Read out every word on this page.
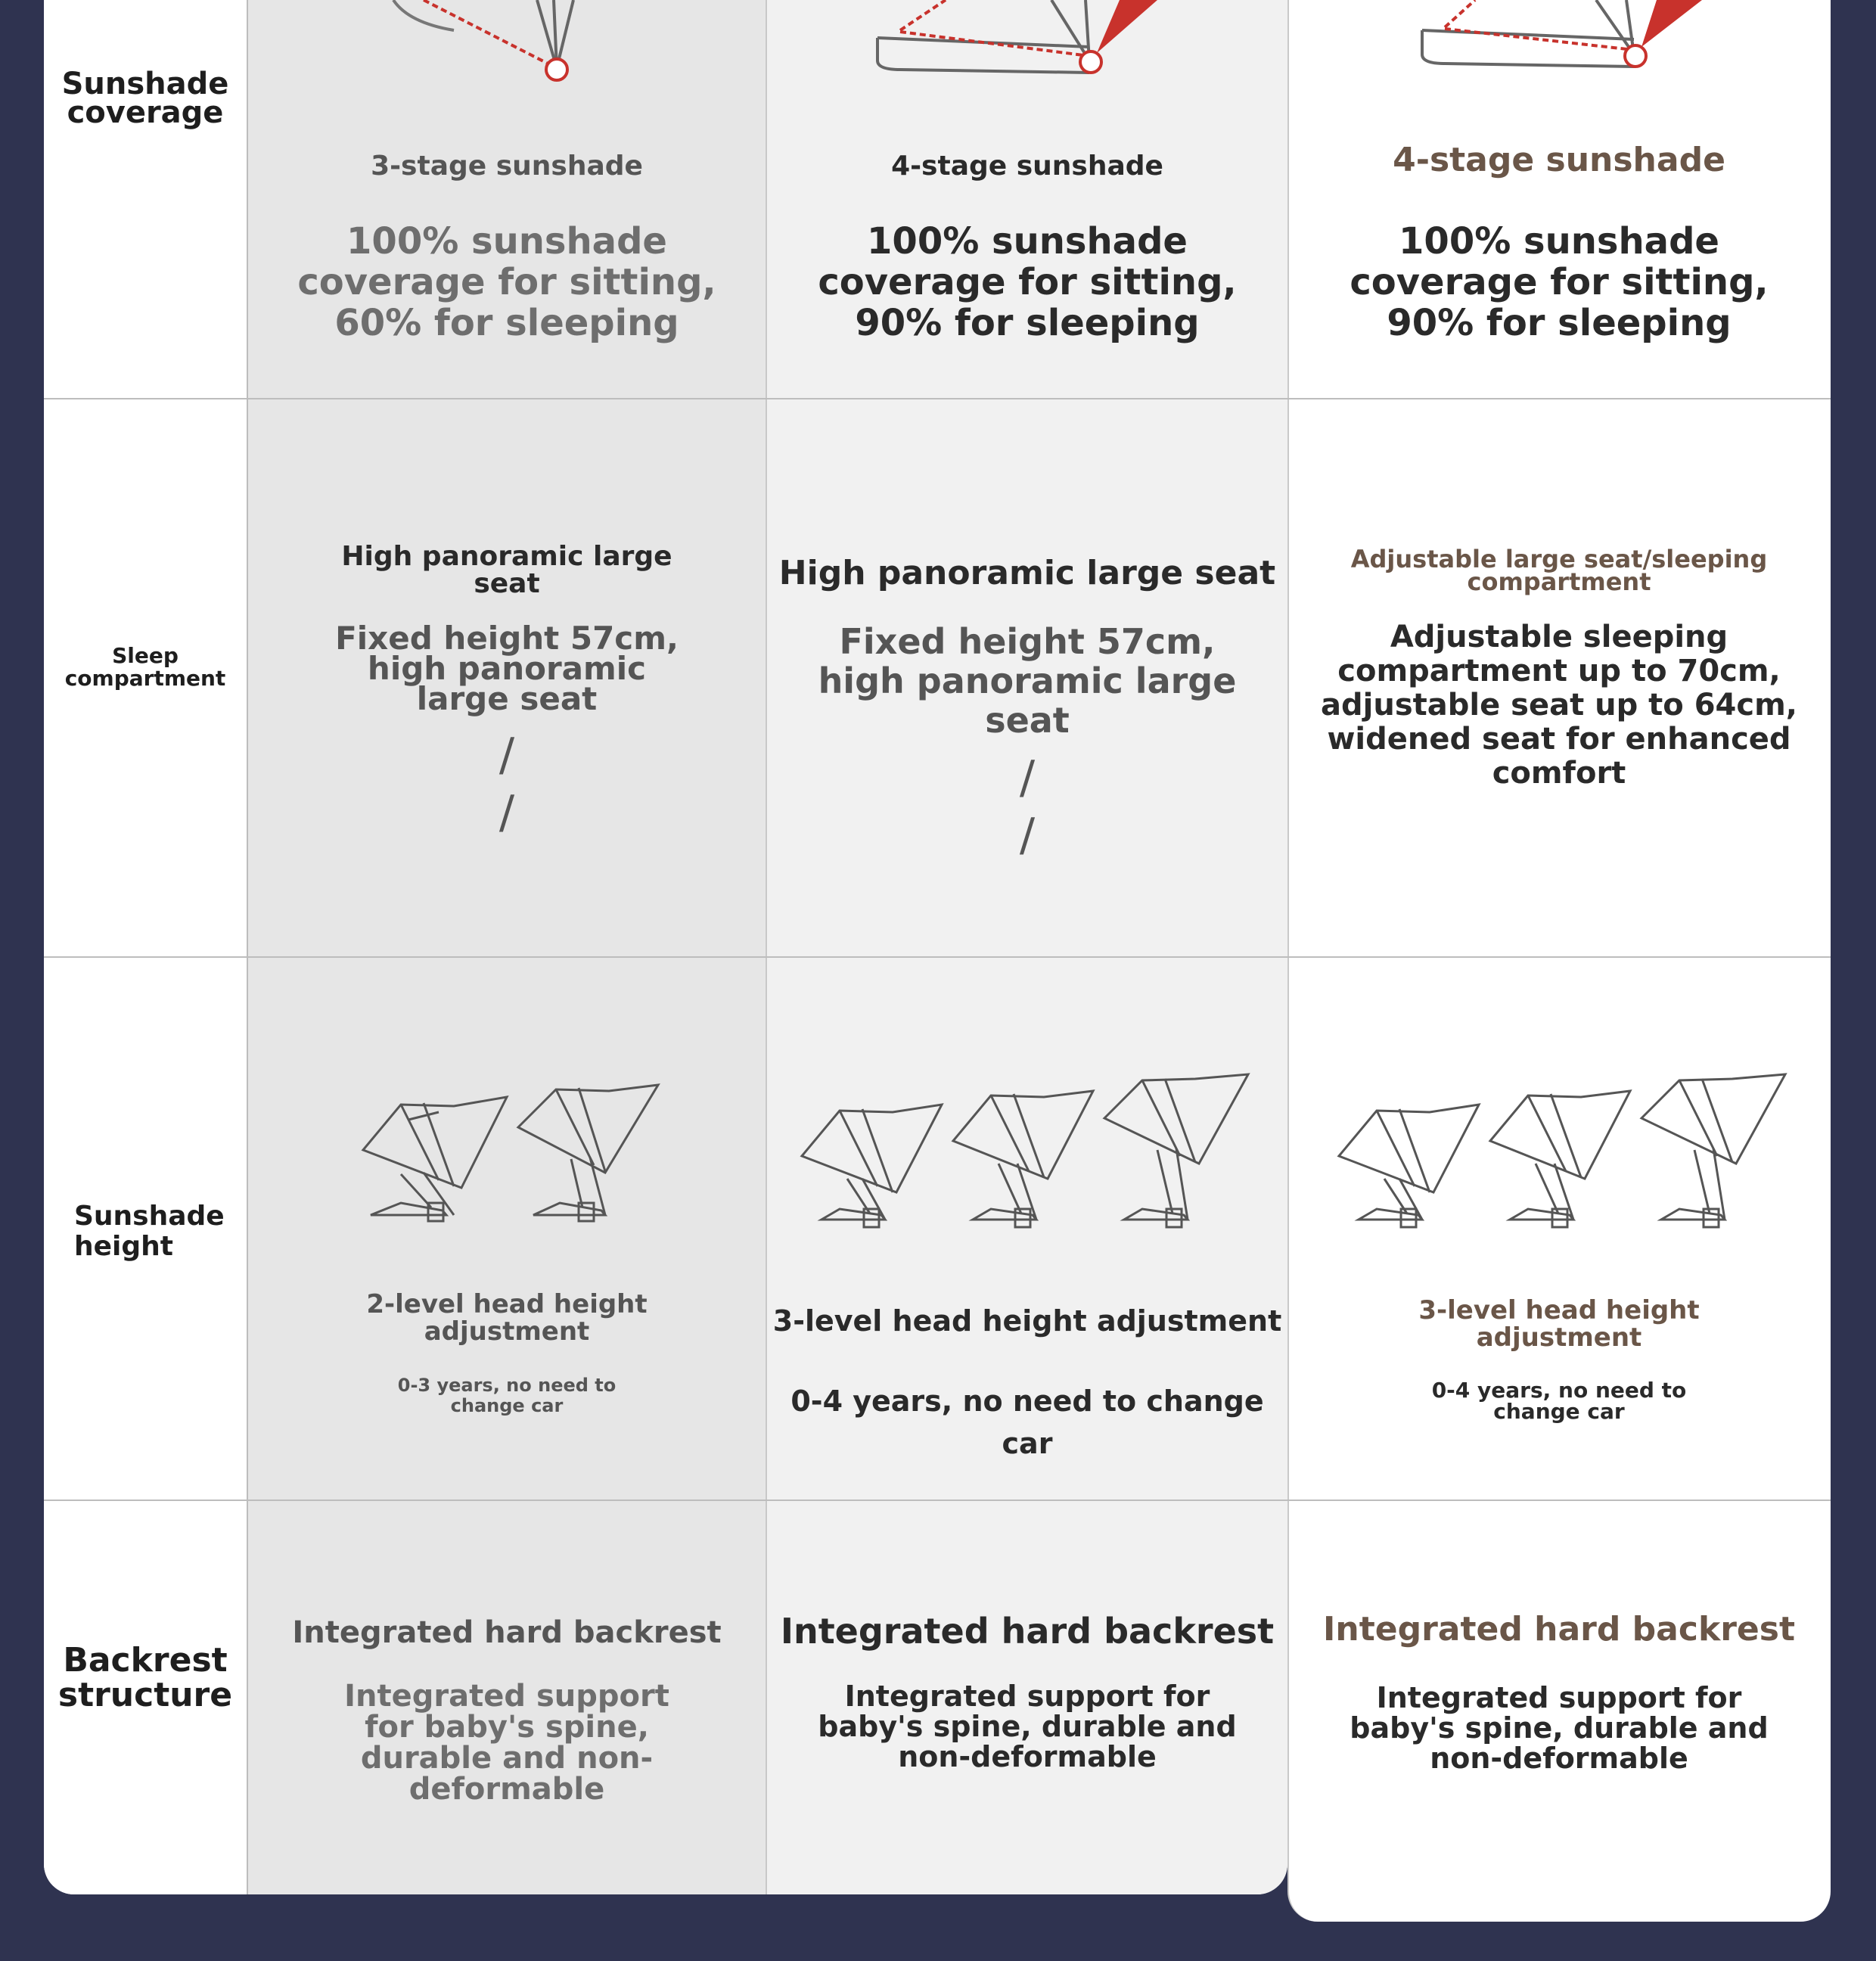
Sunshade coverage
3-stage sunshade
100% sunshade coverage for sitting, 60% for sleeping
4-stage sunshade
100% sunshade coverage for sitting, 90% for sleeping
4-stage sunshade
100% sunshade coverage for sitting, 90% for sleeping
Sleep compartment
High panoramic large seat
Fixed height 57cm, high panoramic large seat
/
/
High panoramic large seat
Fixed height 57cm, high panoramic large seat
/
/
Adjustable large seat/sleeping compartment
Adjustable sleeping compartment up to 70cm, adjustable seat up to 64cm, widened seat for enhanced comfort
Sunshade height
2-level head height adjustment
0-3 years, no need to change car
3-level head height adjustment
0-4 years, no need to change car
3-level head height adjustment
0-4 years, no need to change car
Backrest structure
Integrated hard backrest
Integrated support for baby's spine, durable and non-deformable
Integrated hard backrest
Integrated support for baby's spine, durable and non-deformable
Integrated hard backrest
Integrated support for baby's spine, durable and non-deformable
